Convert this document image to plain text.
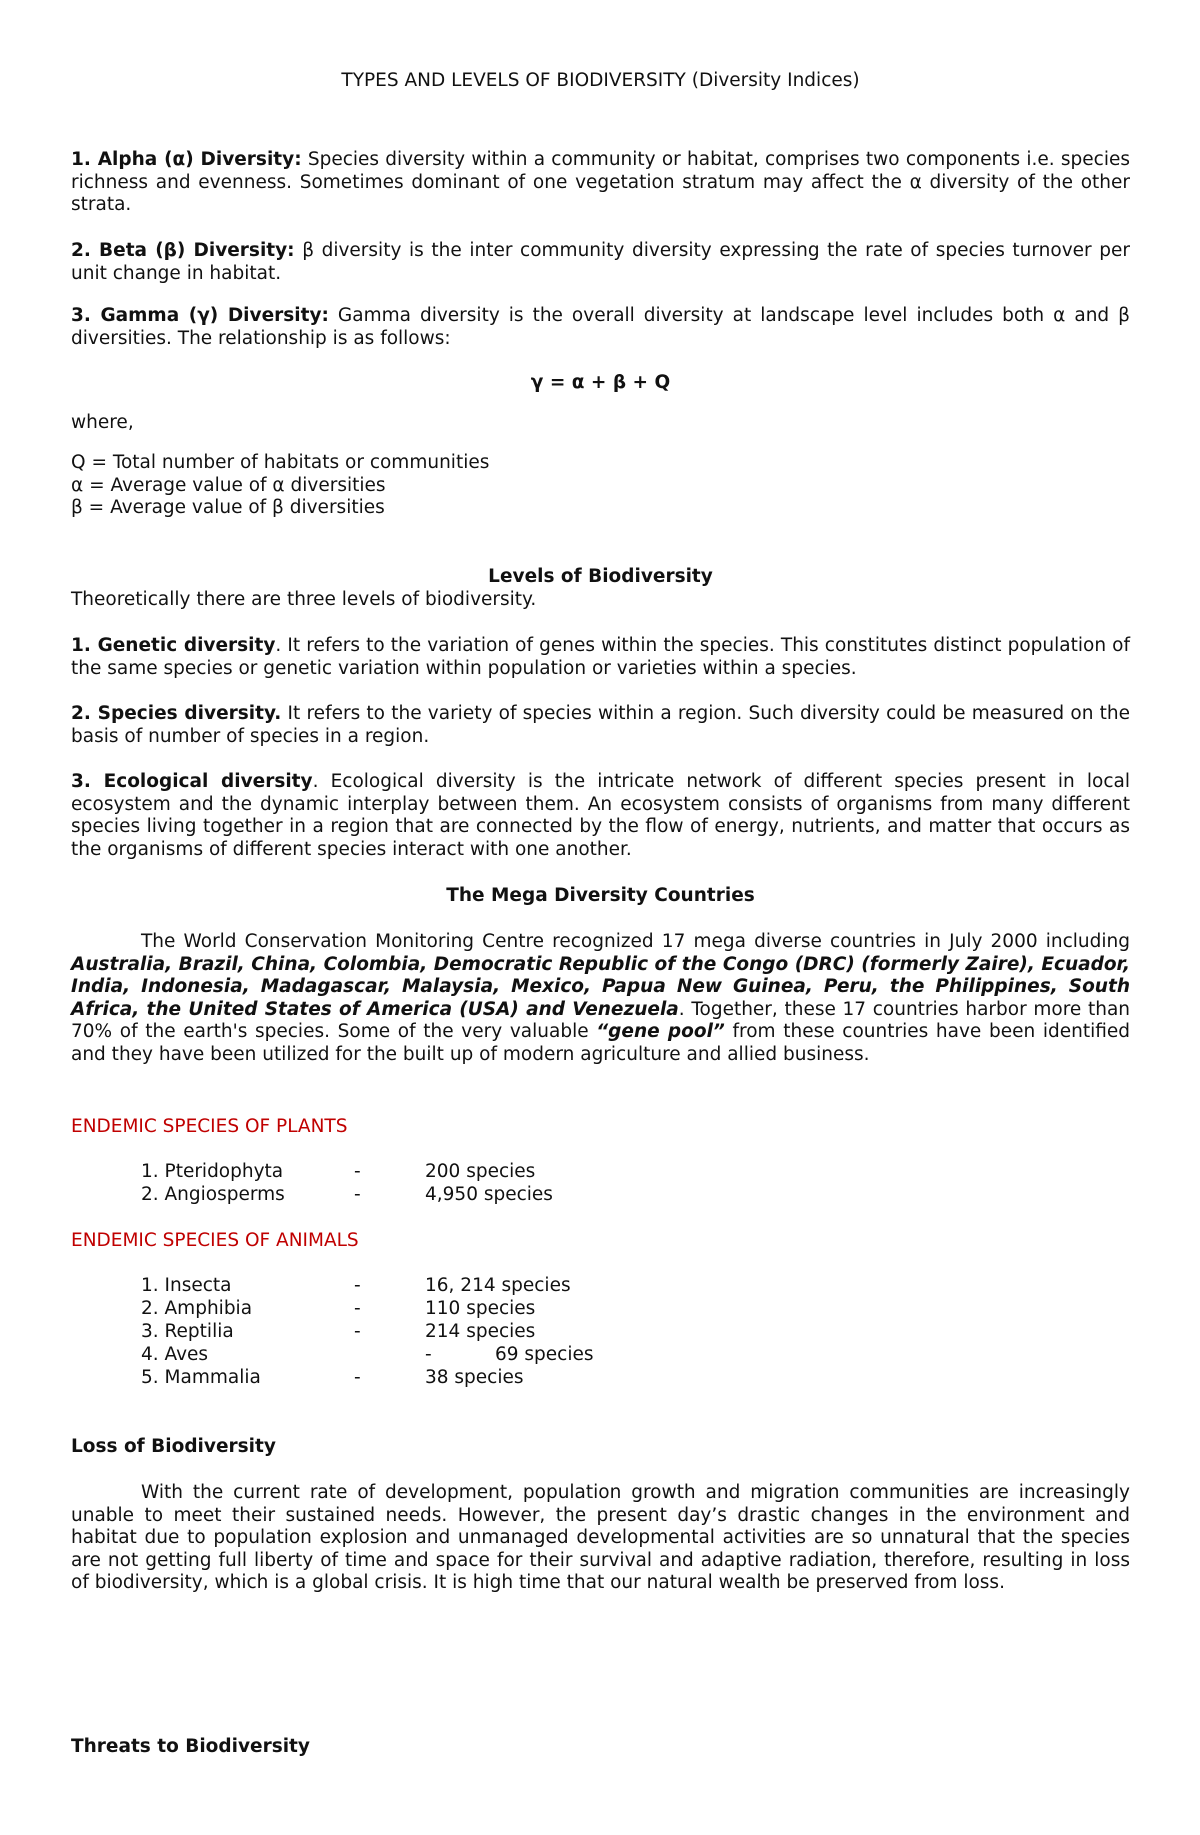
TYPES AND LEVELS OF BIODIVERSITY (Diversity Indices)

1. Alpha (α) Diversity: Species diversity within a community or habitat, comprises two components i.e. species richness and evenness. Sometimes dominant of one vegetation stratum may affect the α diversity of the other strata.

2. Beta (β) Diversity: β diversity is the inter community diversity expressing the rate of species turnover per unit change in habitat.

3. Gamma (γ) Diversity: Gamma diversity is the overall diversity at landscape level includes both α and β diversities. The relationship is as follows:

γ = α + β + Q

where,

Q = Total number of habitats or communities

α = Average value of α diversities

β = Average value of β diversities

Levels of Biodiversity

Theoretically there are three levels of biodiversity.

1. Genetic diversity. It refers to the variation of genes within the species. This constitutes distinct population of the same species or genetic variation within population or varieties within a species.

2. Species diversity. It refers to the variety of species within a region. Such diversity could be measured on the basis of number of species in a region.

3. Ecological diversity. Ecological diversity is the intricate network of different species present in local ecosystem and the dynamic interplay between them. An ecosystem consists of organisms from many different species living together in a region that are connected by the flow of energy, nutrients, and matter that occurs as the organisms of different species interact with one another.

The Mega Diversity Countries

The World Conservation Monitoring Centre recognized 17 mega diverse countries in July 2000 including Australia, Brazil, China, Colombia, Democratic Republic of the Congo (DRC) (formerly Zaire), Ecuador, India, Indonesia, Madagascar, Malaysia, Mexico, Papua New Guinea, Peru, the Philippines, South Africa, the United States of America (USA) and Venezuela. Together, these 17 countries harbor more than 70% of the earth's species. Some of the very valuable “gene pool” from these countries have been identified and they have been utilized for the built up of modern agriculture and allied business.

ENDEMIC SPECIES OF PLANTS

1. Pteridophyta	-	200 species
2. Angiosperms	-	4,950 species

ENDEMIC SPECIES OF ANIMALS

1. Insecta	-	16, 214 species
2. Amphibia	-	110 species
3. Reptilia	-	214 species
4. Aves	-	69 species
5. Mammalia	-	38 species

Loss of Biodiversity

With the current rate of development, population growth and migration communities are increasingly unable to meet their sustained needs. However, the present day’s drastic changes in the environment and habitat due to population explosion and unmanaged developmental activities are so unnatural that the species are not getting full liberty of time and space for their survival and adaptive radiation, therefore, resulting in loss of biodiversity, which is a global crisis. It is high time that our natural wealth be preserved from loss.

Threats to Biodiversity
